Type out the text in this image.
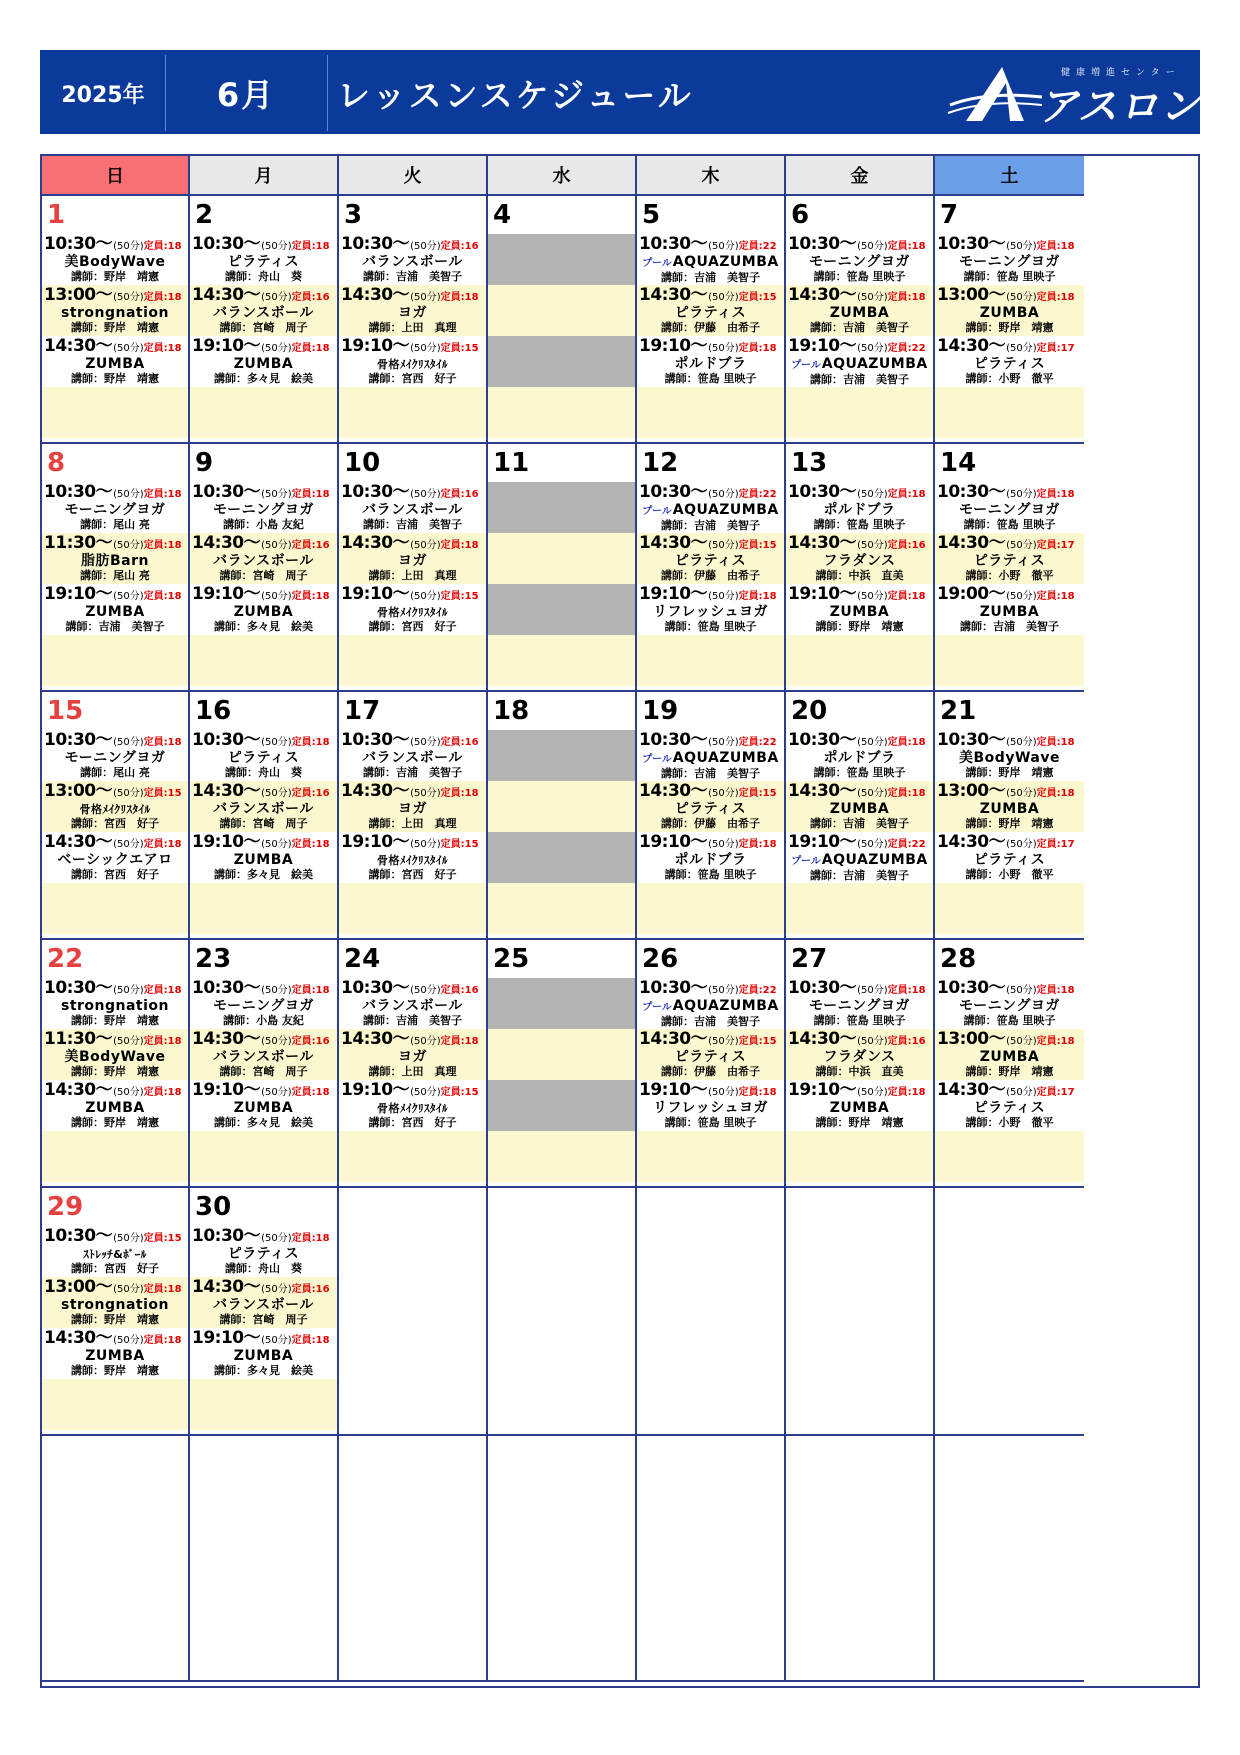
2025年	6月	レッスンスケジュール
健康増進センター
アスロン
日	月	火	水	木	金	土
1
10:30～ (50分) 定員:18
美BodyWave
講師：野岸　靖憲
13:00～ (50分) 定員:18
strongnation
講師：野岸　靖憲
14:30～ (50分) 定員:18
ZUMBA
講師：野岸　靖憲
2
10:30～ (50分) 定員:18
ピラティス
講師：舟山　葵
14:30～ (50分) 定員:16
バランスボール
講師：宮崎　周子
19:10～ (50分) 定員:18
ZUMBA
講師：多々見　絵美
3
10:30～ (50分) 定員:16
バランスボール
講師：吉浦　美智子
14:30～ (50分) 定員:18
ヨガ
講師：上田　真理
19:10～ (50分) 定員:15
骨格ﾒｲｸﾘｽﾀｲﾙ
講師：宮西　好子
4	5
10:30～ (50分) 定員:22
プールAQUAZUMBA
講師：吉浦　美智子
14:30～ (50分) 定員:15
ピラティス
講師：伊藤　由希子
19:10～ (50分) 定員:18
ポルドブラ
講師：笹島 里映子
6
10:30～ (50分) 定員:18
モーニングヨガ
講師：笹島 里映子
14:30～ (50分) 定員:18
ZUMBA
講師：吉浦　美智子
19:10～ (50分) 定員:22
プールAQUAZUMBA
講師：吉浦　美智子
7
10:30～ (50分) 定員:18
モーニングヨガ
講師：笹島 里映子
13:00～ (50分) 定員:18
ZUMBA
講師：野岸　靖憲
14:30～ (50分) 定員:17
ピラティス
講師：小野　徹平
8
10:30～ (50分) 定員:18
モーニングヨガ
講師：尾山 亮
11:30～ (50分) 定員:18
脂肪Barn
講師：尾山 亮
19:10～ (50分) 定員:18
ZUMBA
講師：吉浦　美智子
9
10:30～ (50分) 定員:18
モーニングヨガ
講師：小島 友紀
14:30～ (50分) 定員:16
バランスボール
講師：宮崎　周子
19:10～ (50分) 定員:18
ZUMBA
講師：多々見　絵美
10
10:30～ (50分) 定員:16
バランスボール
講師：吉浦　美智子
14:30～ (50分) 定員:18
ヨガ
講師：上田　真理
19:10～ (50分) 定員:15
骨格ﾒｲｸﾘｽﾀｲﾙ
講師：宮西　好子
11	12
10:30～ (50分) 定員:22
プールAQUAZUMBA
講師：吉浦　美智子
14:30～ (50分) 定員:15
ピラティス
講師：伊藤　由希子
19:10～ (50分) 定員:18
リフレッシュヨガ
講師：笹島 里映子
13
10:30～ (50分) 定員:18
ポルドブラ
講師：笹島 里映子
14:30～ (50分) 定員:16
フラダンス
講師：中浜　直美
19:10～ (50分) 定員:18
ZUMBA
講師：野岸　靖憲
14
10:30～ (50分) 定員:18
モーニングヨガ
講師：笹島 里映子
14:30～ (50分) 定員:17
ピラティス
講師：小野　徹平
19:00～ (50分) 定員:18
ZUMBA
講師：吉浦　美智子
15
10:30～ (50分) 定員:18
モーニングヨガ
講師：尾山 亮
13:00～ (50分) 定員:15
骨格ﾒｲｸﾘｽﾀｲﾙ
講師：宮西　好子
14:30～ (50分) 定員:18
ベーシックエアロ
講師：宮西　好子
16
10:30～ (50分) 定員:18
ピラティス
講師：舟山　葵
14:30～ (50分) 定員:16
バランスボール
講師：宮崎　周子
19:10～ (50分) 定員:18
ZUMBA
講師：多々見　絵美
17
10:30～ (50分) 定員:16
バランスボール
講師：吉浦　美智子
14:30～ (50分) 定員:18
ヨガ
講師：上田　真理
19:10～ (50分) 定員:15
骨格ﾒｲｸﾘｽﾀｲﾙ
講師：宮西　好子
18	19
10:30～ (50分) 定員:22
プールAQUAZUMBA
講師：吉浦　美智子
14:30～ (50分) 定員:15
ピラティス
講師：伊藤　由希子
19:10～ (50分) 定員:18
ポルドブラ
講師：笹島 里映子
20
10:30～ (50分) 定員:18
ポルドブラ
講師：笹島 里映子
14:30～ (50分) 定員:18
ZUMBA
講師：吉浦　美智子
19:10～ (50分) 定員:22
プールAQUAZUMBA
講師：吉浦　美智子
21
10:30～ (50分) 定員:18
美BodyWave
講師：野岸　靖憲
13:00～ (50分) 定員:18
ZUMBA
講師：野岸　靖憲
14:30～ (50分) 定員:17
ピラティス
講師：小野　徹平
22
10:30～ (50分) 定員:18
strongnation
講師：野岸　靖憲
11:30～ (50分) 定員:18
美BodyWave
講師：野岸　靖憲
14:30～ (50分) 定員:18
ZUMBA
講師：野岸　靖憲
23
10:30～ (50分) 定員:18
モーニングヨガ
講師：小島 友紀
14:30～ (50分) 定員:16
バランスボール
講師：宮崎　周子
19:10～ (50分) 定員:18
ZUMBA
講師：多々見　絵美
24
10:30～ (50分) 定員:16
バランスボール
講師：吉浦　美智子
14:30～ (50分) 定員:18
ヨガ
講師：上田　真理
19:10～ (50分) 定員:15
骨格ﾒｲｸﾘｽﾀｲﾙ
講師：宮西　好子
25	26
10:30～ (50分) 定員:22
プールAQUAZUMBA
講師：吉浦　美智子
14:30～ (50分) 定員:15
ピラティス
講師：伊藤　由希子
19:10～ (50分) 定員:18
リフレッシュヨガ
講師：笹島 里映子
27
10:30～ (50分) 定員:18
モーニングヨガ
講師：笹島 里映子
14:30～ (50分) 定員:16
フラダンス
講師：中浜　直美
19:10～ (50分) 定員:18
ZUMBA
講師：野岸　靖憲
28
10:30～ (50分) 定員:18
モーニングヨガ
講師：笹島 里映子
13:00～ (50分) 定員:18
ZUMBA
講師：野岸　靖憲
14:30～ (50分) 定員:17
ピラティス
講師：小野　徹平
29
10:30～ (50分) 定員:15
ｽﾄﾚｯﾁ&ﾎﾞｰﾙ
講師：宮西　好子
13:00～ (50分) 定員:18
strongnation
講師：野岸　靖憲
14:30～ (50分) 定員:18
ZUMBA
講師：野岸　靖憲
30
10:30～ (50分) 定員:18
ピラティス
講師：舟山　葵
14:30～ (50分) 定員:16
バランスボール
講師：宮崎　周子
19:10～ (50分) 定員:18
ZUMBA
講師：多々見　絵美
